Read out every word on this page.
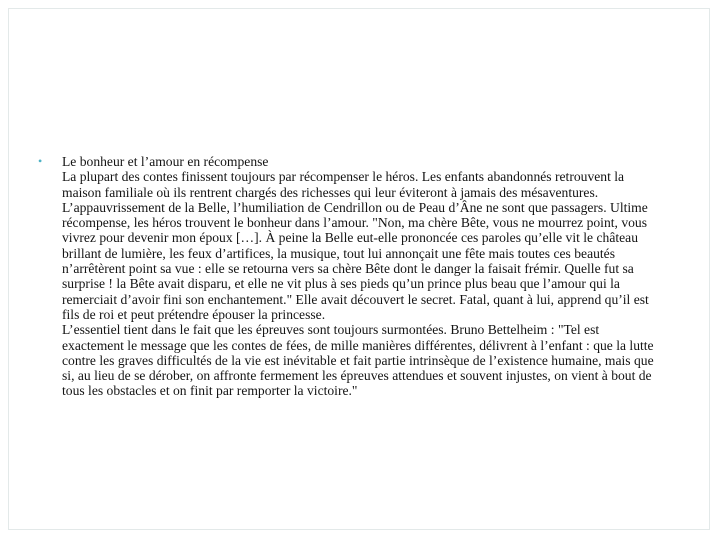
• Le bonheur et l’amour en récompense

La plupart des contes finissent toujours par récompenser le héros. Les enfants abandonnés retrouvent la maison familiale où ils rentrent chargés des richesses qui leur éviteront à jamais des mésaventures. L’appauvrissement de la Belle, l’humiliation de Cendrillon ou de Peau d’Âne ne sont que passagers. Ultime récompense, les héros trouvent le bonheur dans l’amour. "Non, ma chère Bête, vous ne mourrez point, vous vivrez pour devenir mon époux […]. À peine la Belle eut-elle prononcée ces paroles qu’elle vit le château brillant de lumière, les feux d’artifices, la musique, tout lui annonçait une fête mais toutes ces beautés n’arrêtèrent point sa vue : elle se retourna vers sa chère Bête dont le danger la faisait frémir. Quelle fut sa surprise ! la Bête avait disparu, et elle ne vit plus à ses pieds qu’un prince plus beau que l’amour qui la remerciait d’avoir fini son enchantement." Elle avait découvert le secret. Fatal, quant à lui, apprend qu’il est fils de roi et peut prétendre épouser la princesse.

L’essentiel tient dans le fait que les épreuves sont toujours surmontées. Bruno Bettelheim : "Tel est exactement le message que les contes de fées, de mille manières différentes, délivrent à l’enfant : que la lutte contre les graves difficultés de la vie est inévitable et fait partie intrinsèque de l’existence humaine, mais que si, au lieu de se dérober, on affronte fermement les épreuves attendues et souvent injustes, on vient à bout de tous les obstacles et on finit par remporter la victoire."
